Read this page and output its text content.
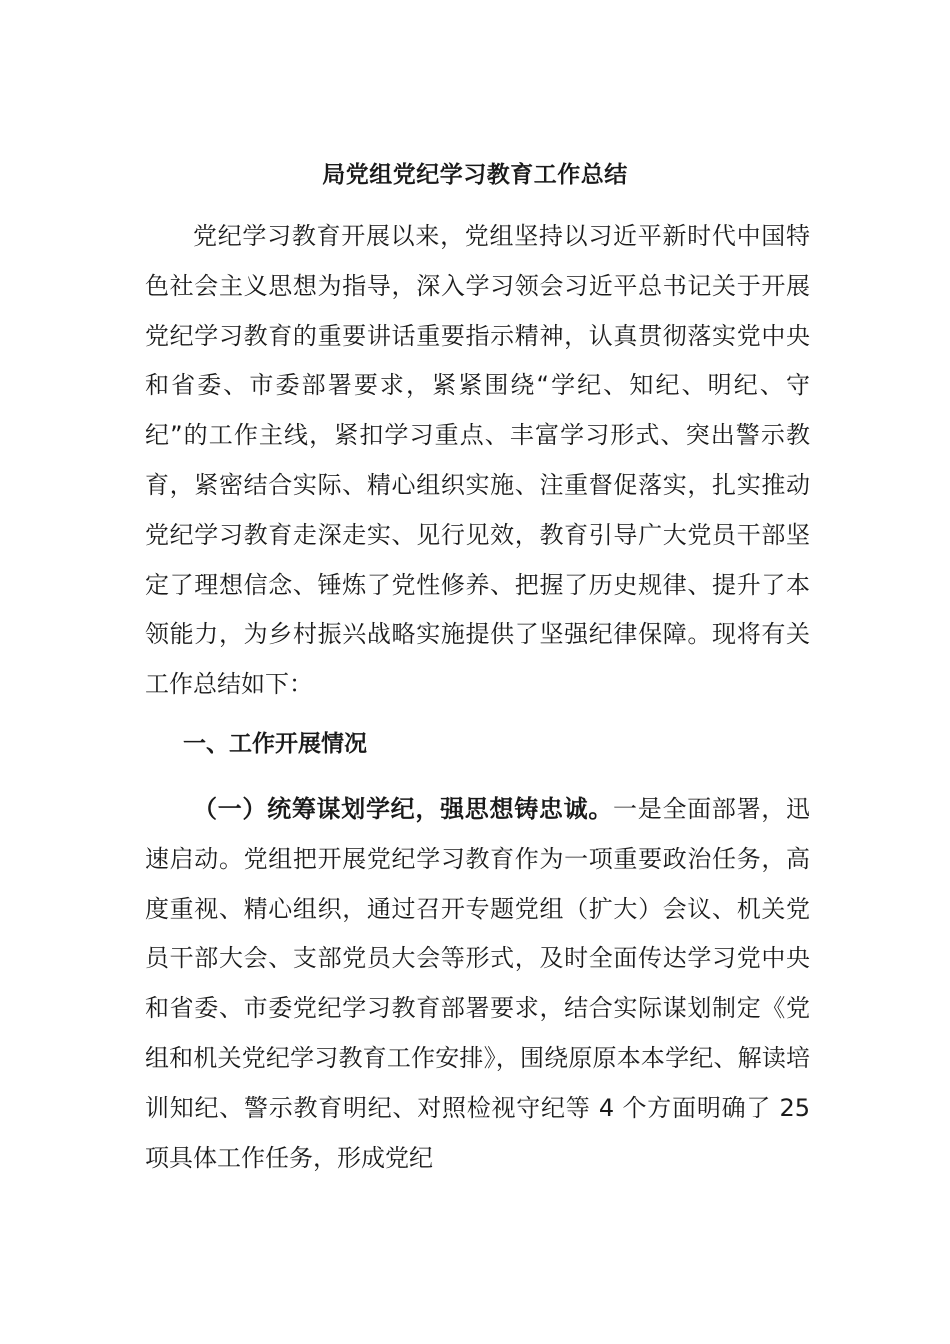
局党组党纪学习教育工作总结

党纪学习教育开展以来，党组坚持以习近平新时代中国特色社会主义思想为指导，深入学习领会习近平总书记关于开展党纪学习教育的重要讲话重要指示精神，认真贯彻落实党中央和省委、市委部署要求，紧紧围绕“学纪、知纪、明纪、守纪”的工作主线，紧扣学习重点、丰富学习形式、突出警示教育，紧密结合实际、精心组织实施、注重督促落实，扎实推动党纪学习教育走深走实、见行见效，教育引导广大党员干部坚定了理想信念、锤炼了党性修养、把握了历史规律、提升了本领能力，为乡村振兴战略实施提供了坚强纪律保障。现将有关工作总结如下：

一、工作开展情况

（一）统筹谋划学纪，强思想铸忠诚。一是全面部署，迅速启动。党组把开展党纪学习教育作为一项重要政治任务，高度重视、精心组织，通过召开专题党组（扩大）会议、机关党员干部大会、支部党员大会等形式，及时全面传达学习党中央和省委、市委党纪学习教育部署要求，结合实际谋划制定《党组和机关党纪学习教育工作安排》，围绕原原本本学纪、解读培训知纪、警示教育明纪、对照检视守纪等 4 个方面明确了 25 项具体工作任务，形成党纪
